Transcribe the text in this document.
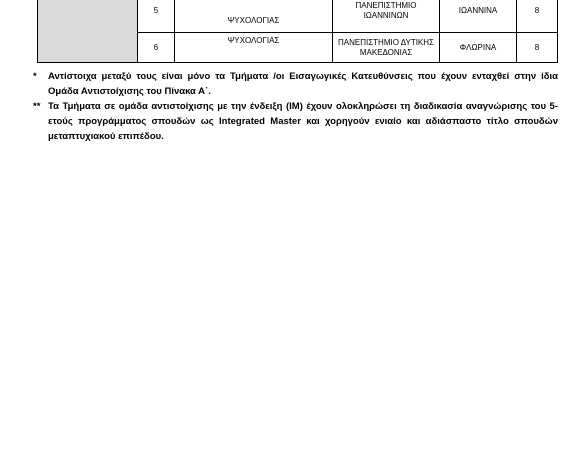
	5	ΨΥΧΟΛΟΓΙΑΣ	ΠΑΝΕΠΙΣΤΗΜΙΟ
ΙΩΑΝΝΙΝΩΝ	ΙΩΑΝΝΙΝΑ	8
	6	ΨΥΧΟΛΟΓΙΑΣ	ΠΑΝΕΠΙΣΤΗΜΙΟ ΔΥΤΙΚΗΣ
ΜΑΚΕΔΟΝΙΑΣ	ΦΛΩΡΙΝΑ	8
*	Αντίστοιχα μεταξύ τους είναι μόνο τα Τμήματα /οι Εισαγωγικές Κατευθύνσεις που έχουν ενταχθεί στην ίδια Ομάδα Αντιστοίχισης του Πίνακα Α΄.
** Τα Τμήματα σε ομάδα αντιστοίχισης με την ένδειξη (IM) έχουν ολοκληρώσει τη διαδικασία αναγνώρισης του 5-ετούς προγράμματος σπουδών ως Integrated Master και χορηγούν ενιαίο και αδιάσπαστο τίτλο σπουδών μεταπτυχιακού επιπέδου.
